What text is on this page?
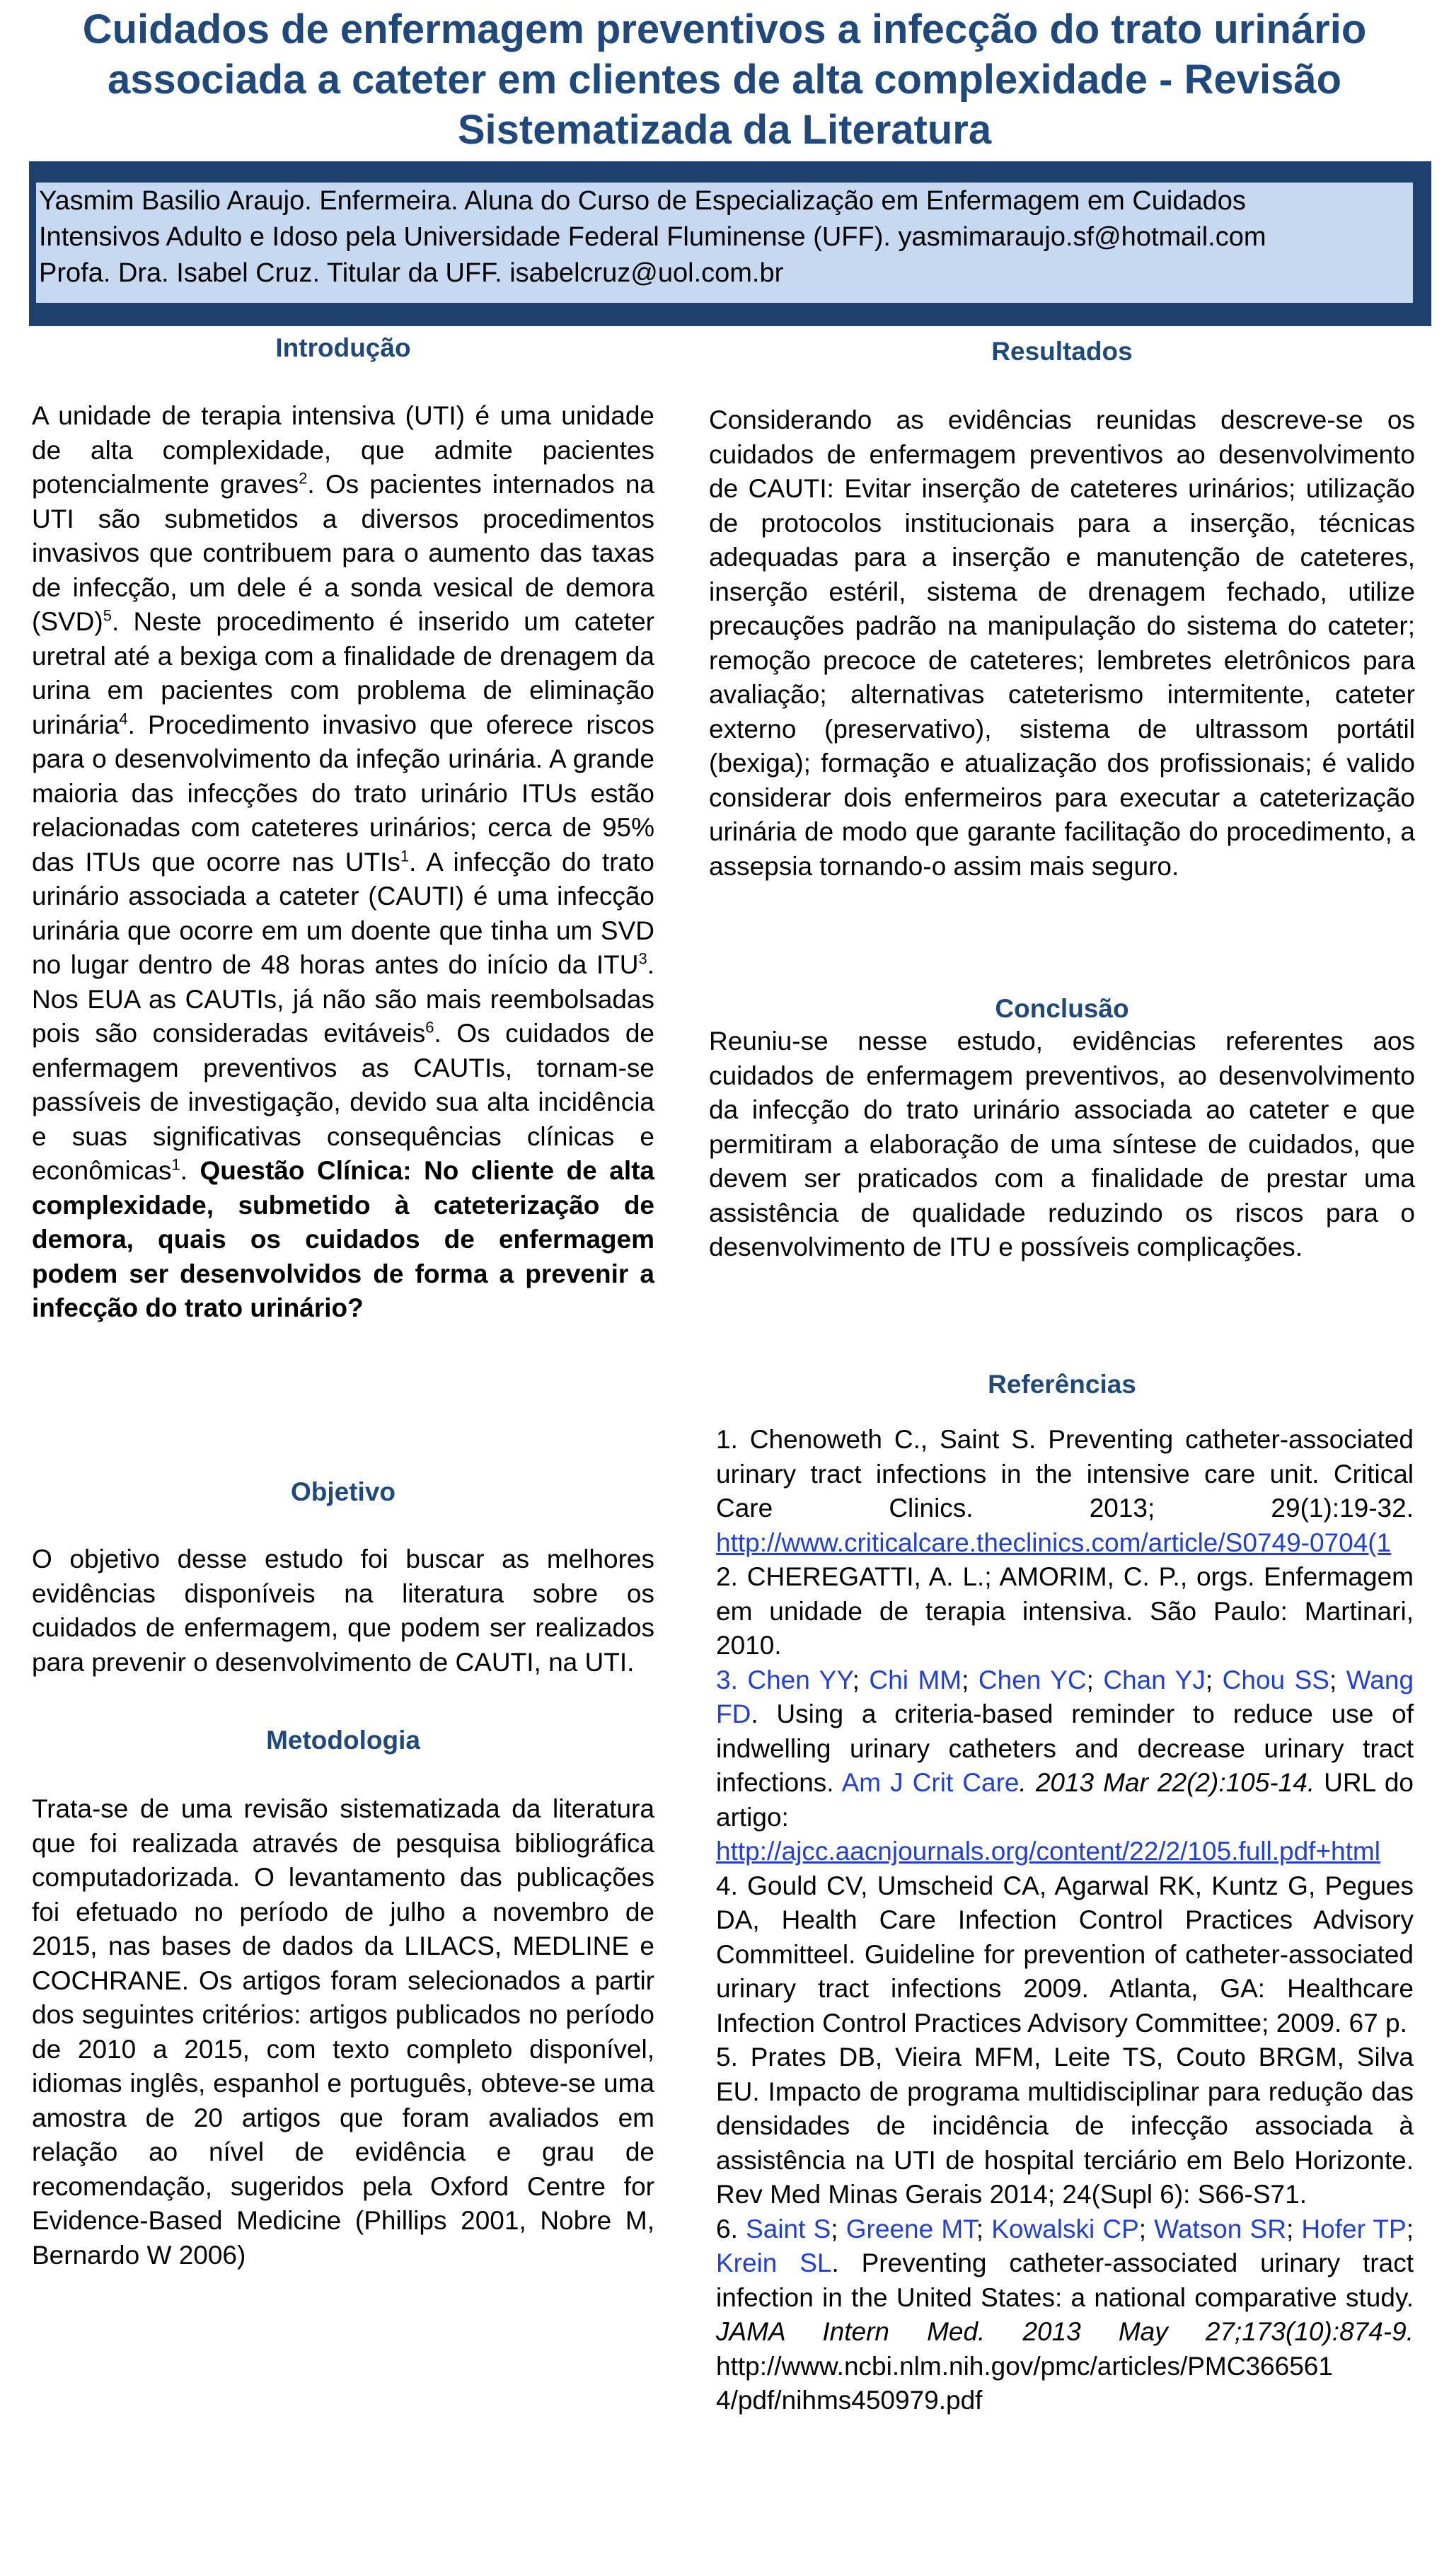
Cuidados de enfermagem preventivos a infecção do trato urinário associada a cateter em clientes de alta complexidade - Revisão Sistematizada da Literatura
Yasmim Basilio Araujo. Enfermeira. Aluna do Curso de Especialização em Enfermagem em Cuidados
Intensivos Adulto e Idoso pela Universidade Federal Fluminense (UFF). yasmimaraujo.sf@hotmail.com
Profa. Dra. Isabel Cruz. Titular da UFF. isabelcruz@uol.com.br
Introdução

A unidade de terapia intensiva (UTI) é uma unidade de alta complexidade, que admite pacientes potencialmente graves$^2$. Os pacientes internados na UTI são submetidos a diversos procedimentos invasivos que contribuem para o aumento das taxas de infecção, um dele é a sonda vesical de demora (SVD)$^5$. Neste procedimento é inserido um cateter uretral até a bexiga com a finalidade de drenagem da urina em pacientes com problema de eliminação urinária$^4$. Procedimento invasivo que oferece riscos para o desenvolvimento da infeção urinária. A grande maioria das infecções do trato urinário ITUs estão relacionadas com cateteres urinários; cerca de 95% das ITUs que ocorre nas UTIs$^1$. A infecção do trato urinário associada a cateter (CAUTI) é uma infecção urinária que ocorre em um doente que tinha um SVD no lugar dentro de 48 horas antes do início da ITU$^3$. Nos EUA as CAUTIs, já não são mais reembolsadas pois são consideradas evitáveis$^6$. Os cuidados de enfermagem preventivos as CAUTIs, tornam-se passíveis de investigação, devido sua alta incidência e suas significativas consequências clínicas e econômicas$^1$. Questão Clínica: No cliente de alta complexidade, submetido à cateterização de demora, quais os cuidados de enfermagem podem ser desenvolvidos de forma a prevenir a infecção do trato urinário?

Objetivo

O objetivo desse estudo foi buscar as melhores evidências disponíveis na literatura sobre os cuidados de enfermagem, que podem ser realizados para prevenir o desenvolvimento de CAUTI, na UTI.

Metodologia

Trata-se de uma revisão sistematizada da literatura que foi realizada através de pesquisa bibliográfica computadorizada. O levantamento das publicações foi efetuado no período de julho a novembro de 2015, nas bases de dados da LILACS, MEDLINE e COCHRANE. Os artigos foram selecionados a partir dos seguintes critérios: artigos publicados no período de 2010 a 2015, com texto completo disponível, idiomas inglês, espanhol e português, obteve-se uma amostra de 20 artigos que foram avaliados em relação ao nível de evidência e grau de recomendação, sugeridos pela Oxford Centre for Evidence-Based Medicine (Phillips 2001, Nobre M, Bernardo W 2006)

Resultados

Considerando as evidências reunidas descreve-se os cuidados de enfermagem preventivos ao desenvolvimento de CAUTI: Evitar inserção de cateteres urinários; utilização de protocolos institucionais para a inserção, técnicas adequadas para a inserção e manutenção de cateteres, inserção estéril, sistema de drenagem fechado, utilize precauções padrão na manipulação do sistema do cateter; remoção precoce de cateteres; lembretes eletrônicos para avaliação; alternativas cateterismo intermitente, cateter externo (preservativo), sistema de ultrassom portátil (bexiga); formação e atualização dos profissionais; é valido considerar dois enfermeiros para executar a cateterização urinária de modo que garante facilitação do procedimento, a assepsia tornando-o assim mais seguro.

Conclusão

Reuniu-se nesse estudo, evidências referentes aos cuidados de enfermagem preventivos, ao desenvolvimento da infecção do trato urinário associada ao cateter e que permitiram a elaboração de uma síntese de cuidados, que devem ser praticados com a finalidade de prestar uma assistência de qualidade reduzindo os riscos para o desenvolvimento de ITU e possíveis complicações.

Referências
1. Chenoweth C., Saint S. Preventing catheter-associated urinary tract infections in the intensive care unit. Critical Care Clinics. 2013; 29(1):19-32. http://www.criticalcare.theclinics.com/article/S0749-0704(1
2. CHEREGATTI, A. L.; AMORIM, C. P., orgs. Enfermagem em unidade de terapia intensiva. São Paulo: Martinari, 2010.
3. Chen YY; Chi MM; Chen YC; Chan YJ; Chou SS; Wang FD. Using a criteria-based reminder to reduce use of indwelling urinary catheters and decrease urinary tract infections. Am J Crit Care. 2013 Mar 22(2):105-14. URL do artigo: http://ajcc.aacnjournals.org/content/22/2/105.full.pdf+html
4. Gould CV, Umscheid CA, Agarwal RK, Kuntz G, Pegues DA, Health Care Infection Control Practices Advisory Committeel. Guideline for prevention of catheter-associated urinary tract infections 2009. Atlanta, GA: Healthcare Infection Control Practices Advisory Committee; 2009. 67 p.
5. Prates DB, Vieira MFM, Leite TS, Couto BRGM, Silva EU. Impacto de programa multidisciplinar para redução das densidades de incidência de infecção associada à assistência na UTI de hospital terciário em Belo Horizonte. Rev Med Minas Gerais 2014; 24(Supl 6): S66-S71.
6. Saint S; Greene MT; Kowalski CP; Watson SR; Hofer TP; Krein SL. Preventing catheter-associated urinary tract infection in the United States: a national comparative study. JAMA Intern Med. 2013 May 27;173(10):874-9. http://www.ncbi.nlm.nih.gov/pmc/articles/PMC366561
4/pdf/nihms450979.pdf
